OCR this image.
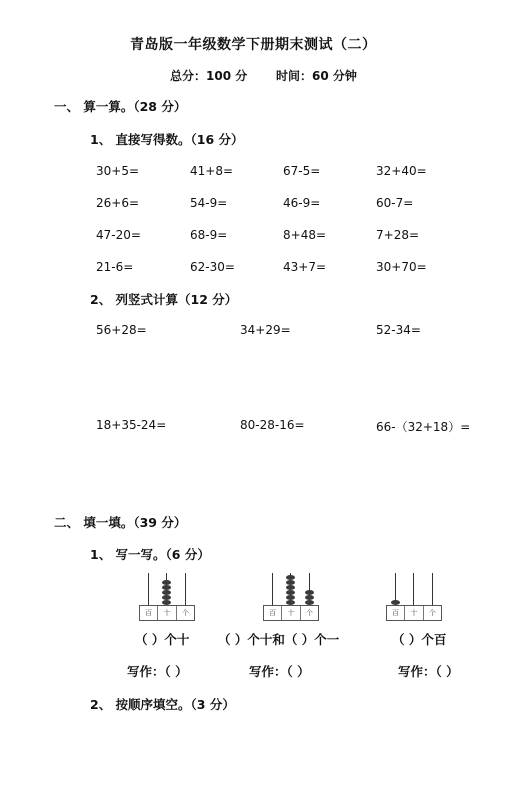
青岛版一年级数学下册期末测试（二）
总分：100 分 时间：60 分钟
一、 算一算。（28 分）
1、 直接写得数。（16 分）
30+5=	41+8=	67-5=	32+40=
26+6=	54-9=	46-9=	60-7=
47-20=	68-9=	8+48=	7+28=
21-6=	62-30=	43+7=	30+70=
2、 列竖式计算（12 分）
56+28=	34+29=	52-34=
18+35-24=	80-28-16=	66-（32+18）=
二、 填一填。（39 分）
1、 写一写。（6 分）
百	十	个	百	十	个	百	十	个
（ ）个十 （ ）个十和（ ）个一	（ ）个百
写作：（ ）	写作：（ ）	写作：（ ）
2、 按顺序填空。（3 分）
